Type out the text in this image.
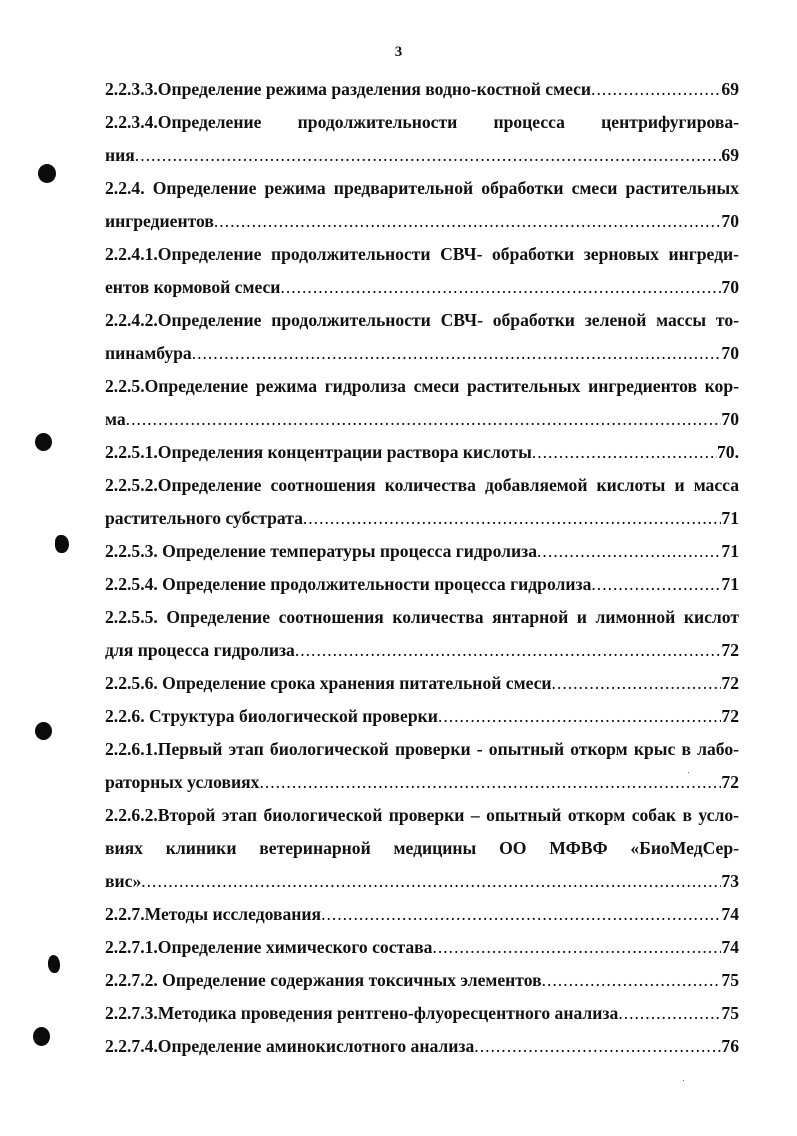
3
2.2.3.3.Определение режима разделения водно-костной смеси .....	69
2.2.3.4.Определение продолжительности процесса центрифугирова-
ния .....	69
2.2.4. Определение режима предварительной обработки смеси растительных
ингредиентов .....	70
2.2.4.1.Определение продолжительности СВЧ- обработки зерновых ингреди-
ентов кормовой смеси .....	70
2.2.4.2.Определение продолжительности СВЧ- обработки зеленой массы то-
пинамбура .....	70
2.2.5.Определение режима гидролиза смеси растительных ингредиентов кор-
ма .....	70
2.2.5.1.Определения концентрации раствора кислоты .....	70.
2.2.5.2.Определение соотношения количества добавляемой кислоты и масса
растительного субстрата .....	71
2.2.5.3. Определение температуры процесса гидролиза .....	71
2.2.5.4. Определение продолжительности процесса гидролиза .....	71
2.2.5.5. Определение соотношения количества янтарной и лимонной кислот
для процесса гидролиза .....	72
2.2.5.6. Определение срока хранения питательной смеси .....	72
2.2.6. Структура биологической проверки .....	72
2.2.6.1.Первый этап биологической проверки - опытный откорм крыс в лабо-
раторных условиях .....	72
2.2.6.2.Второй этап биологической проверки – опытный откорм собак в усло-
виях клиники ветеринарной медицины ОО МФВФ «БиоМедСер-
вис» .....	73
2.2.7.Методы исследования .....	74
2.2.7.1.Определение химического состава .....	74
2.2.7.2. Определение содержания токсичных элементов .....	75
2.2.7.3.Методика проведения рентгено-флуоресцентного анализа .....	75
2.2.7.4.Определение аминокислотного анализа .....	76
